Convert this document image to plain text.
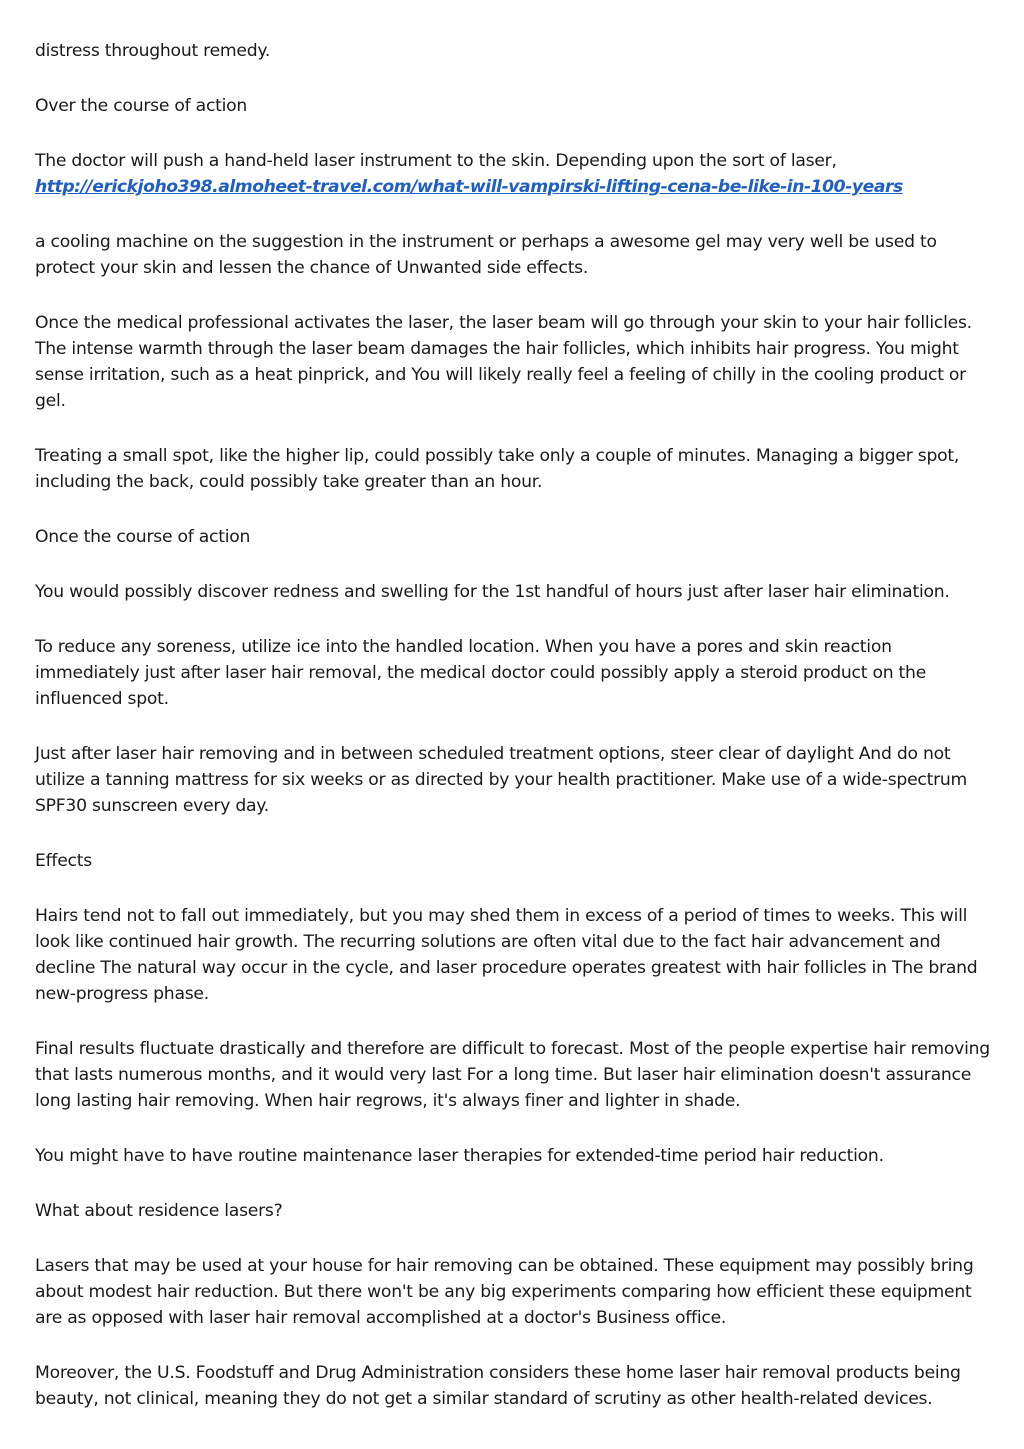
distress throughout remedy.

Over the course of action

The doctor will push a hand-held laser instrument to the skin. Depending upon the sort of laser,
http://erickjoho398.almoheet-travel.com/what-will-vampirski-lifting-cena-be-like-in-100-years

a cooling machine on the suggestion in the instrument or perhaps a awesome gel may very well be used to protect your skin and lessen the chance of Unwanted side effects.

Once the medical professional activates the laser, the laser beam will go through your skin to your hair follicles. The intense warmth through the laser beam damages the hair follicles, which inhibits hair progress. You might sense irritation, such as a heat pinprick, and You will likely really feel a feeling of chilly in the cooling product or gel.

Treating a small spot, like the higher lip, could possibly take only a couple of minutes. Managing a bigger spot, including the back, could possibly take greater than an hour.

Once the course of action

You would possibly discover redness and swelling for the 1st handful of hours just after laser hair elimination.

To reduce any soreness, utilize ice into the handled location. When you have a pores and skin reaction immediately just after laser hair removal, the medical doctor could possibly apply a steroid product on the influenced spot.

Just after laser hair removing and in between scheduled treatment options, steer clear of daylight And do not utilize a tanning mattress for six weeks or as directed by your health practitioner. Make use of a wide-spectrum SPF30 sunscreen every day.

Effects

Hairs tend not to fall out immediately, but you may shed them in excess of a period of times to weeks. This will look like continued hair growth. The recurring solutions are often vital due to the fact hair advancement and decline The natural way occur in the cycle, and laser procedure operates greatest with hair follicles in The brand new-progress phase.

Final results fluctuate drastically and therefore are difficult to forecast. Most of the people expertise hair removing that lasts numerous months, and it would very last For a long time. But laser hair elimination doesn't assurance long lasting hair removing. When hair regrows, it's always finer and lighter in shade.

You might have to have routine maintenance laser therapies for extended-time period hair reduction.

What about residence lasers?

Lasers that may be used at your house for hair removing can be obtained. These equipment may possibly bring about modest hair reduction. But there won't be any big experiments comparing how efficient these equipment are as opposed with laser hair removal accomplished at a doctor's Business office.

Moreover, the U.S. Foodstuff and Drug Administration considers these home laser hair removal products being beauty, not clinical, meaning they do not get a similar standard of scrutiny as other health-related devices.
